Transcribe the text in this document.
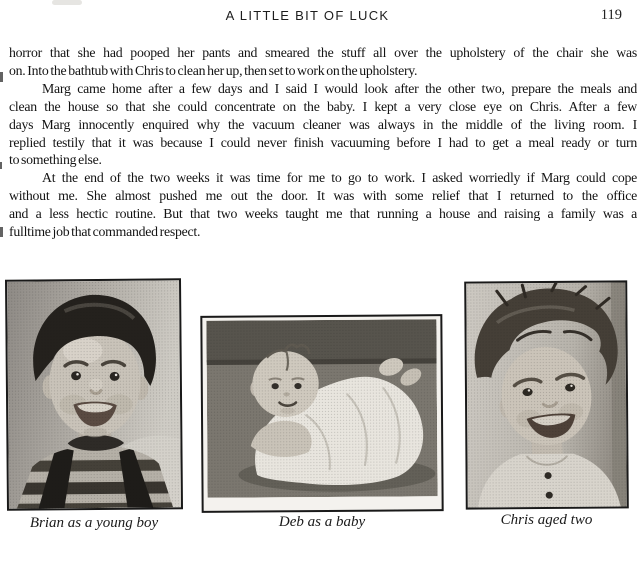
A LITTLE BIT OF LUCK	119
horror that she had pooped her pants and smeared the stuff all over the upholstery of the chair she was
on. Into the bathtub with Chris to clean her up, then set to work on the upholstery.
Marg came home after a few days and I said I would look after the other two, prepare the meals and
clean the house so that she could concentrate on the baby. I kept a very close eye on Chris. After a few
days Marg innocently enquired why the vacuum cleaner was always in the middle of the living room. I
replied testily that it was because I could never finish vacuuming before I had to get a meal ready or turn
to something else.
At the end of the two weeks it was time for me to go to work. I asked worriedly if Marg could cope
without me. She almost pushed me out the door. It was with some relief that I returned to the office
and a less hectic routine. But that two weeks taught me that running a house and raising a family was a
fulltime job that commanded respect.
Brian as a young boy	Deb as a baby	Chris aged two
